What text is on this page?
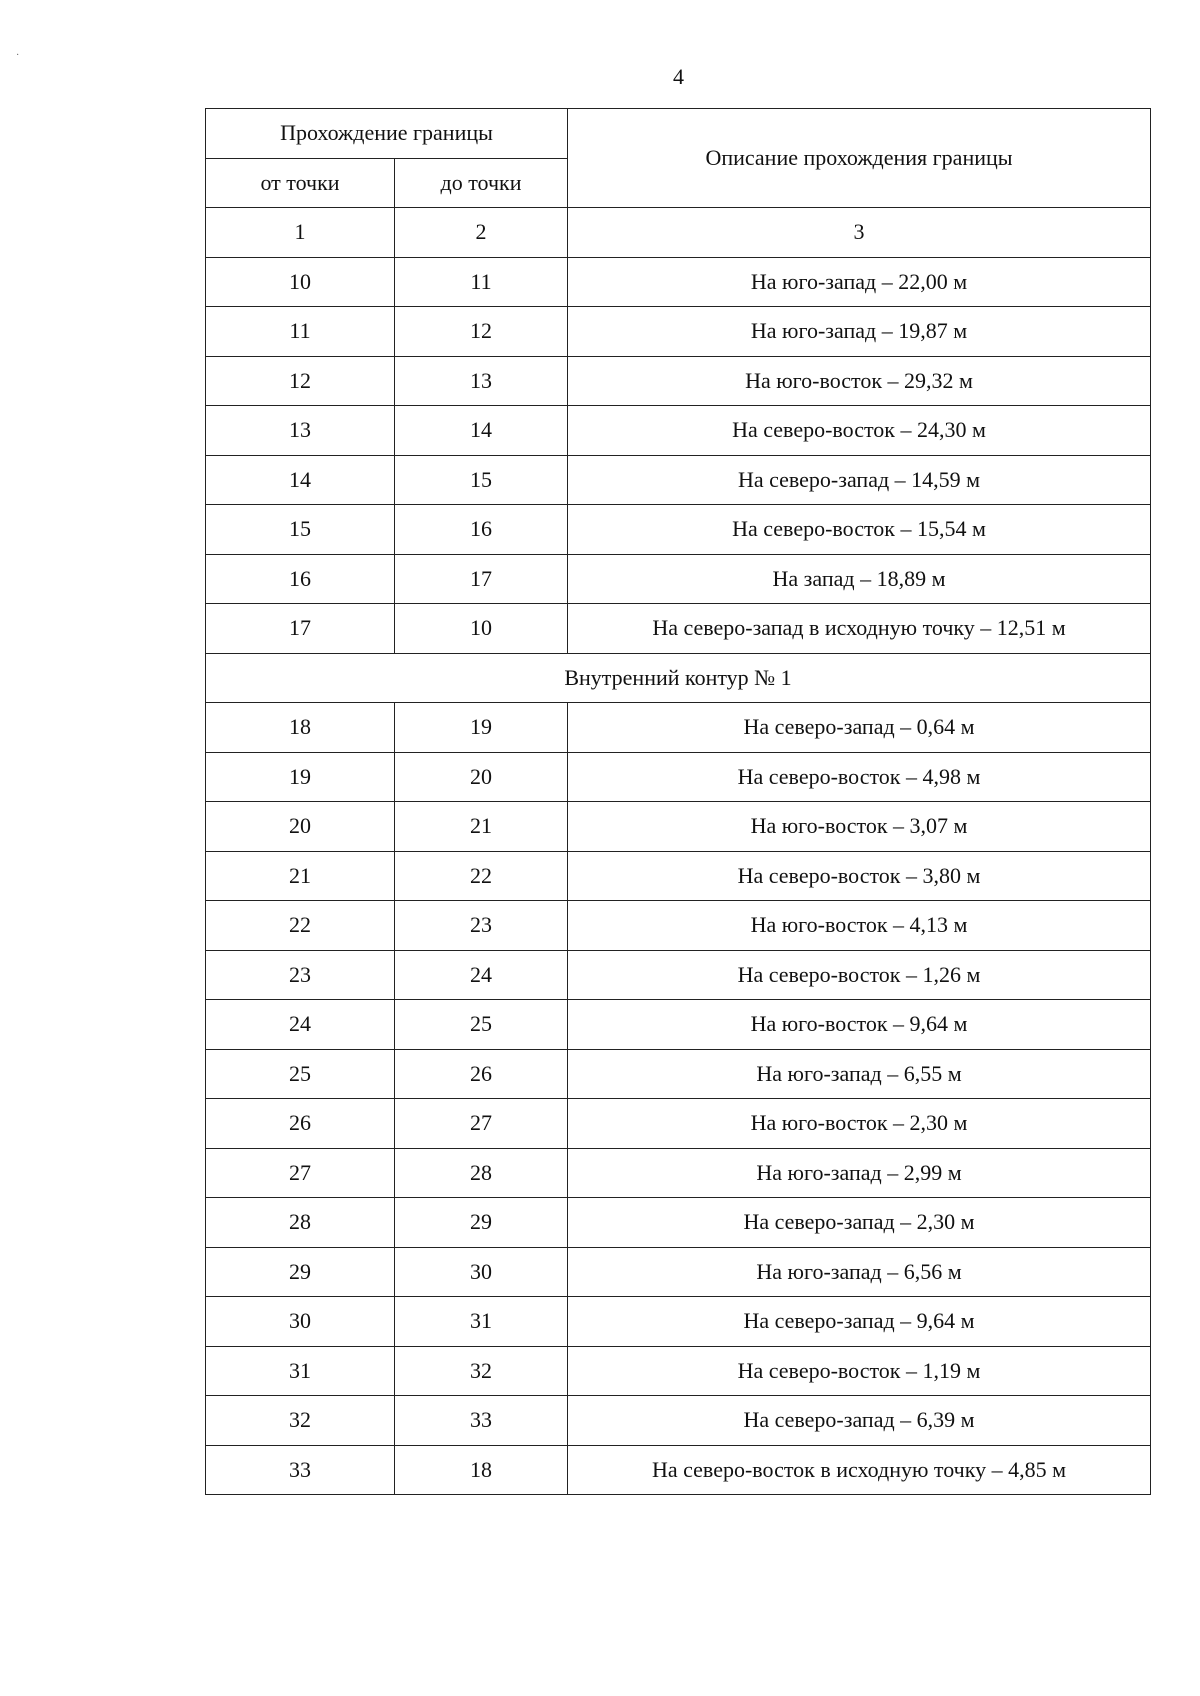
·
4
Прохождение границы		Описание прохождения границы
от точки	до точки	
1	2	3
10	11	На юго-запад – 22,00 м
11	12	На юго-запад – 19,87 м
12	13	На юго-восток – 29,32 м
13	14	На северо-восток – 24,30 м
14	15	На северо-запад – 14,59 м
15	16	На северо-восток – 15,54 м
16	17	На запад – 18,89 м
17	10	На северо-запад в исходную точку – 12,51 м
Внутренний контур № 1		
18	19	На северо-запад – 0,64 м
19	20	На северо-восток – 4,98 м
20	21	На юго-восток – 3,07 м
21	22	На северо-восток – 3,80 м
22	23	На юго-восток – 4,13 м
23	24	На северо-восток – 1,26 м
24	25	На юго-восток – 9,64 м
25	26	На юго-запад – 6,55 м
26	27	На юго-восток – 2,30 м
27	28	На юго-запад – 2,99 м
28	29	На северо-запад – 2,30 м
29	30	На юго-запад – 6,56 м
30	31	На северо-запад – 9,64 м
31	32	На северо-восток – 1,19 м
32	33	На северо-запад – 6,39 м
33	18	На северо-восток в исходную точку – 4,85 м
